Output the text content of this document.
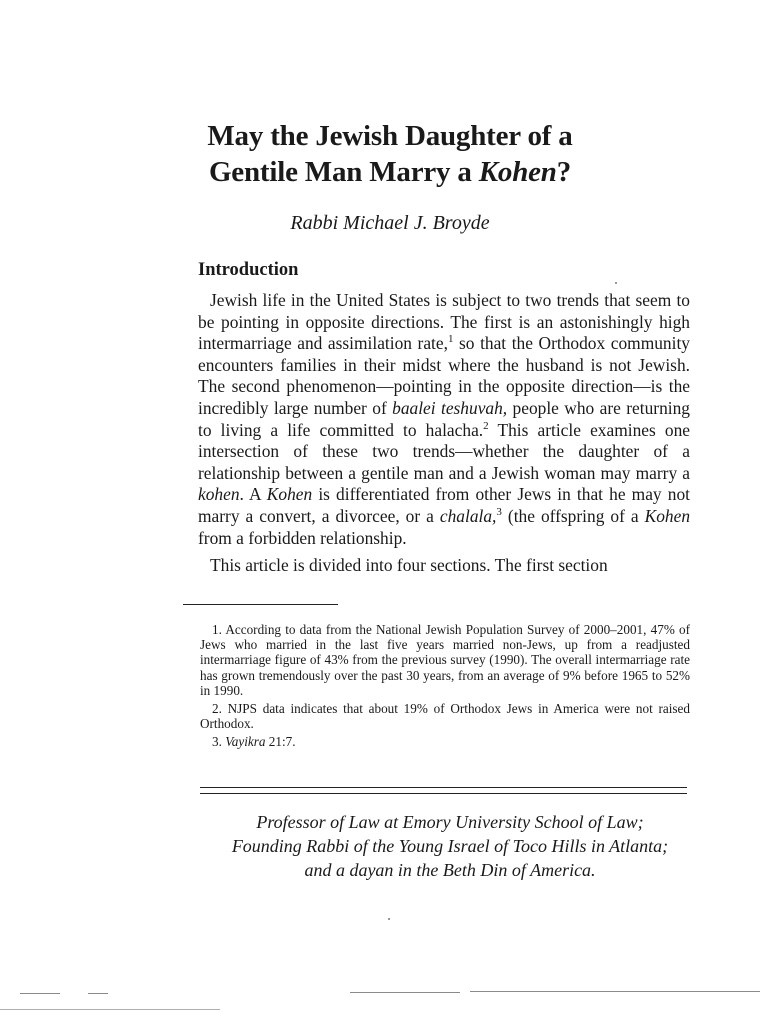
May the Jewish Daughter of a
Gentile Man Marry a Kohen?
Rabbi Michael J. Broyde
Introduction

Jewish life in the United States is subject to two trends that seem to be pointing in opposite directions. The first is an astonishingly high intermarriage and assimilation rate,$^1$ so that the Orthodox community encounters families in their midst where the husband is not Jewish. The second phenomenon—pointing in the opposite direction—is the incredibly large number of baalei teshuvah, people who are returning to living a life committed to halacha.$^2$ This article examines one intersection of these two trends—whether the daughter of a relationship between a gentile man and a Jewish woman may marry a kohen. A Kohen is differentiated from other Jews in that he may not marry a convert, a divorcee, or a chalala,$^3$ (the offspring of a Kohen from a forbidden relationship.

This article is divided into four sections. The first section

1. According to data from the National Jewish Population Survey of 2000–2001, 47% of Jews who married in the last five years married non-Jews, up from a readjusted intermarriage figure of 43% from the previous survey (1990). The overall intermarriage rate has grown tremendously over the past 30 years, from an average of 9% before 1965 to 52% in 1990.

2. NJPS data indicates that about 19% of Orthodox Jews in America were not raised Orthodox.

3. Vayikra 21:7.

Professor of Law at Emory University School of Law;
Founding Rabbi of the Young Israel of Toco Hills in Atlanta;
and a dayan in the Beth Din of America.
